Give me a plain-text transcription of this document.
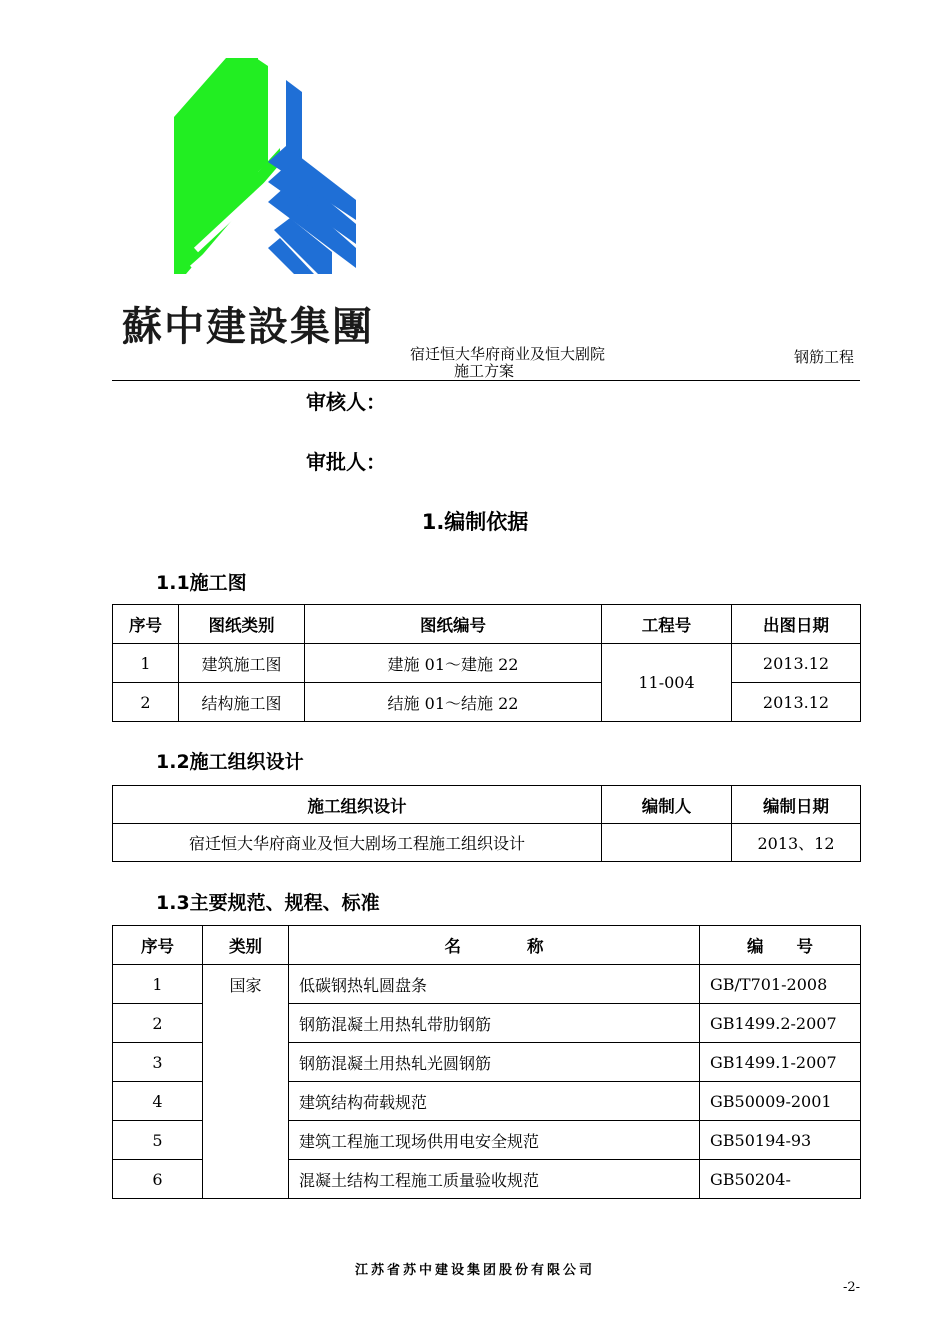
蘇中建設集團
宿迁恒大华府商业及恒大剧院
施工方案
钢筋工程
审核人：
审批人：
1.编制依据
1.1施工图
序号	图纸类别	图纸编号	工程号	出图日期
1	建筑施工图	建施 01～建施 22	11-004	2013.12
2	结构施工图	结施 01～结施 22		2013.12
1.2施工组织设计
施工组织设计	编制人	编制日期
宿迁恒大华府商业及恒大剧场工程施工组织设计		2013、12
1.3主要规范、规程、标准
序号	类别	名　　　　称	编　　号
1	国家	低碳钢热轧圆盘条	GB/T701-2008
2		钢筋混凝土用热轧带肋钢筋	GB1499.2-2007
3		钢筋混凝土用热轧光圆钢筋	GB1499.1-2007
4		建筑结构荷载规范	GB50009-2001
5		建筑工程施工现场供用电安全规范	GB50194-93
6		混凝土结构工程施工质量验收规范	GB50204-
江苏省苏中建设集团股份有限公司
-2-
